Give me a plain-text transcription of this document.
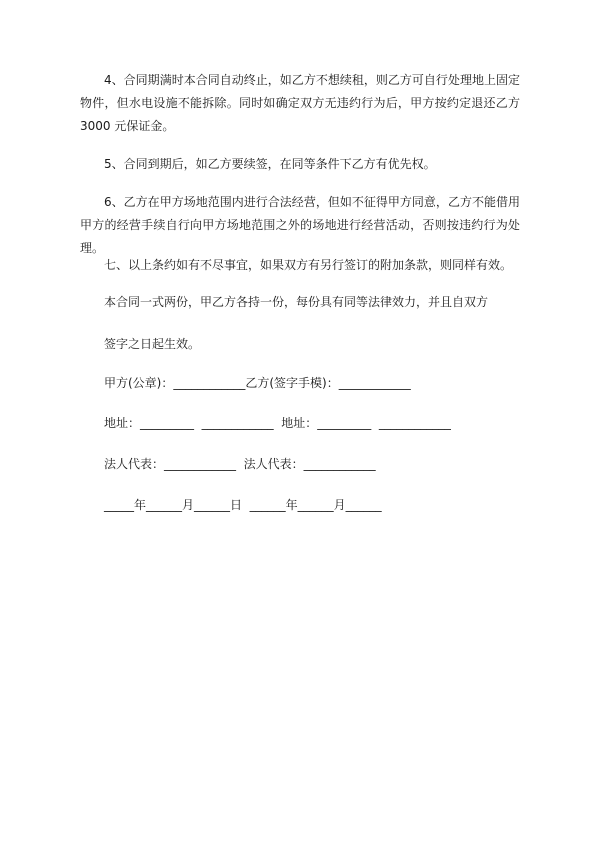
4、合同期满时本合同自动终止，如乙方不想续租，则乙方可自行处理地上固定物件，但水电设施不能拆除。同时如确定双方无违约行为后，甲方按约定退还乙方 3000 元保证金。

5、合同到期后，如乙方要续签，在同等条件下乙方有优先权。

6、乙方在甲方场地范围内进行合法经营，但如不征得甲方同意，乙方不能借用甲方的经营手续自行向甲方场地范围之外的场地进行经营活动，否则按违约行为处理。

七、以上条约如有不尽事宜，如果双方有另行签订的附加条款，则同样有效。

本合同一式两份，甲乙方各持一份，每份具有同等法律效力，并且自双方

签字之日起生效。

甲方(公章)：____________乙方(签字手模)：____________

地址：_________  ____________  地址：_________  ____________

法人代表：____________  法人代表：____________

_____年______月______日  ______年______月______
